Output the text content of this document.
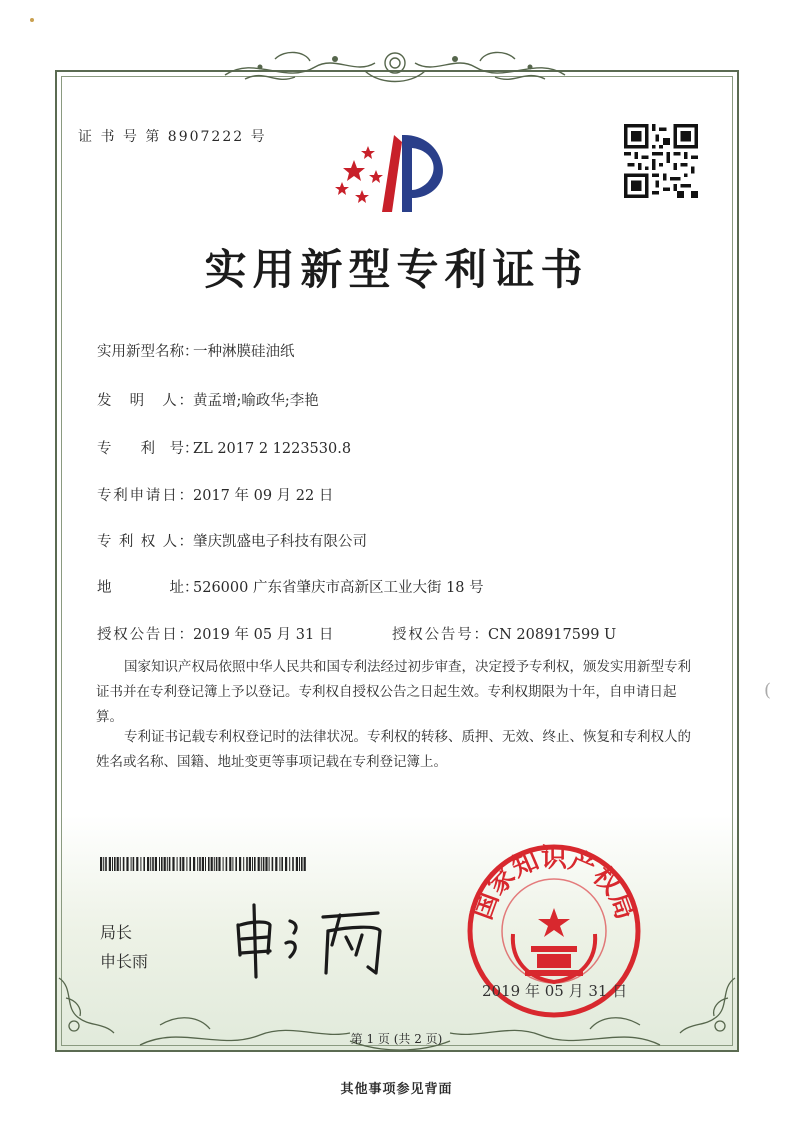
证 书 号 第 8907222 号
实用新型专利证书
实用新型名称：一种淋膜硅油纸
发　明　人：黄孟增;喻政华;李艳
专　　利　号：ZL 2017 2 1223530.8
专利申请日：2017 年 09 月 22 日
专 利 权 人：肇庆凯盛电子科技有限公司
地　　　　址：526000 广东省肇庆市高新区工业大街 18 号
授权公告日：2019 年 05 月 31 日	授权公告号：CN 208917599 U
国家知识产权局依照中华人民共和国专利法经过初步审查，决定授予专利权，颁发实用新型专利证书并在专利登记簿上予以登记。专利权自授权公告之日起生效。专利权期限为十年，自申请日起算。
专利证书记载专利权登记时的法律状况。专利权的转移、质押、无效、终止、恢复和专利权人的姓名或名称、国籍、地址变更等事项记载在专利登记簿上。
局长
申长雨
国家知识产权局
2019 年 05 月 31 日
第 1 页 (共 2 页)
其他事项参见背面
(
